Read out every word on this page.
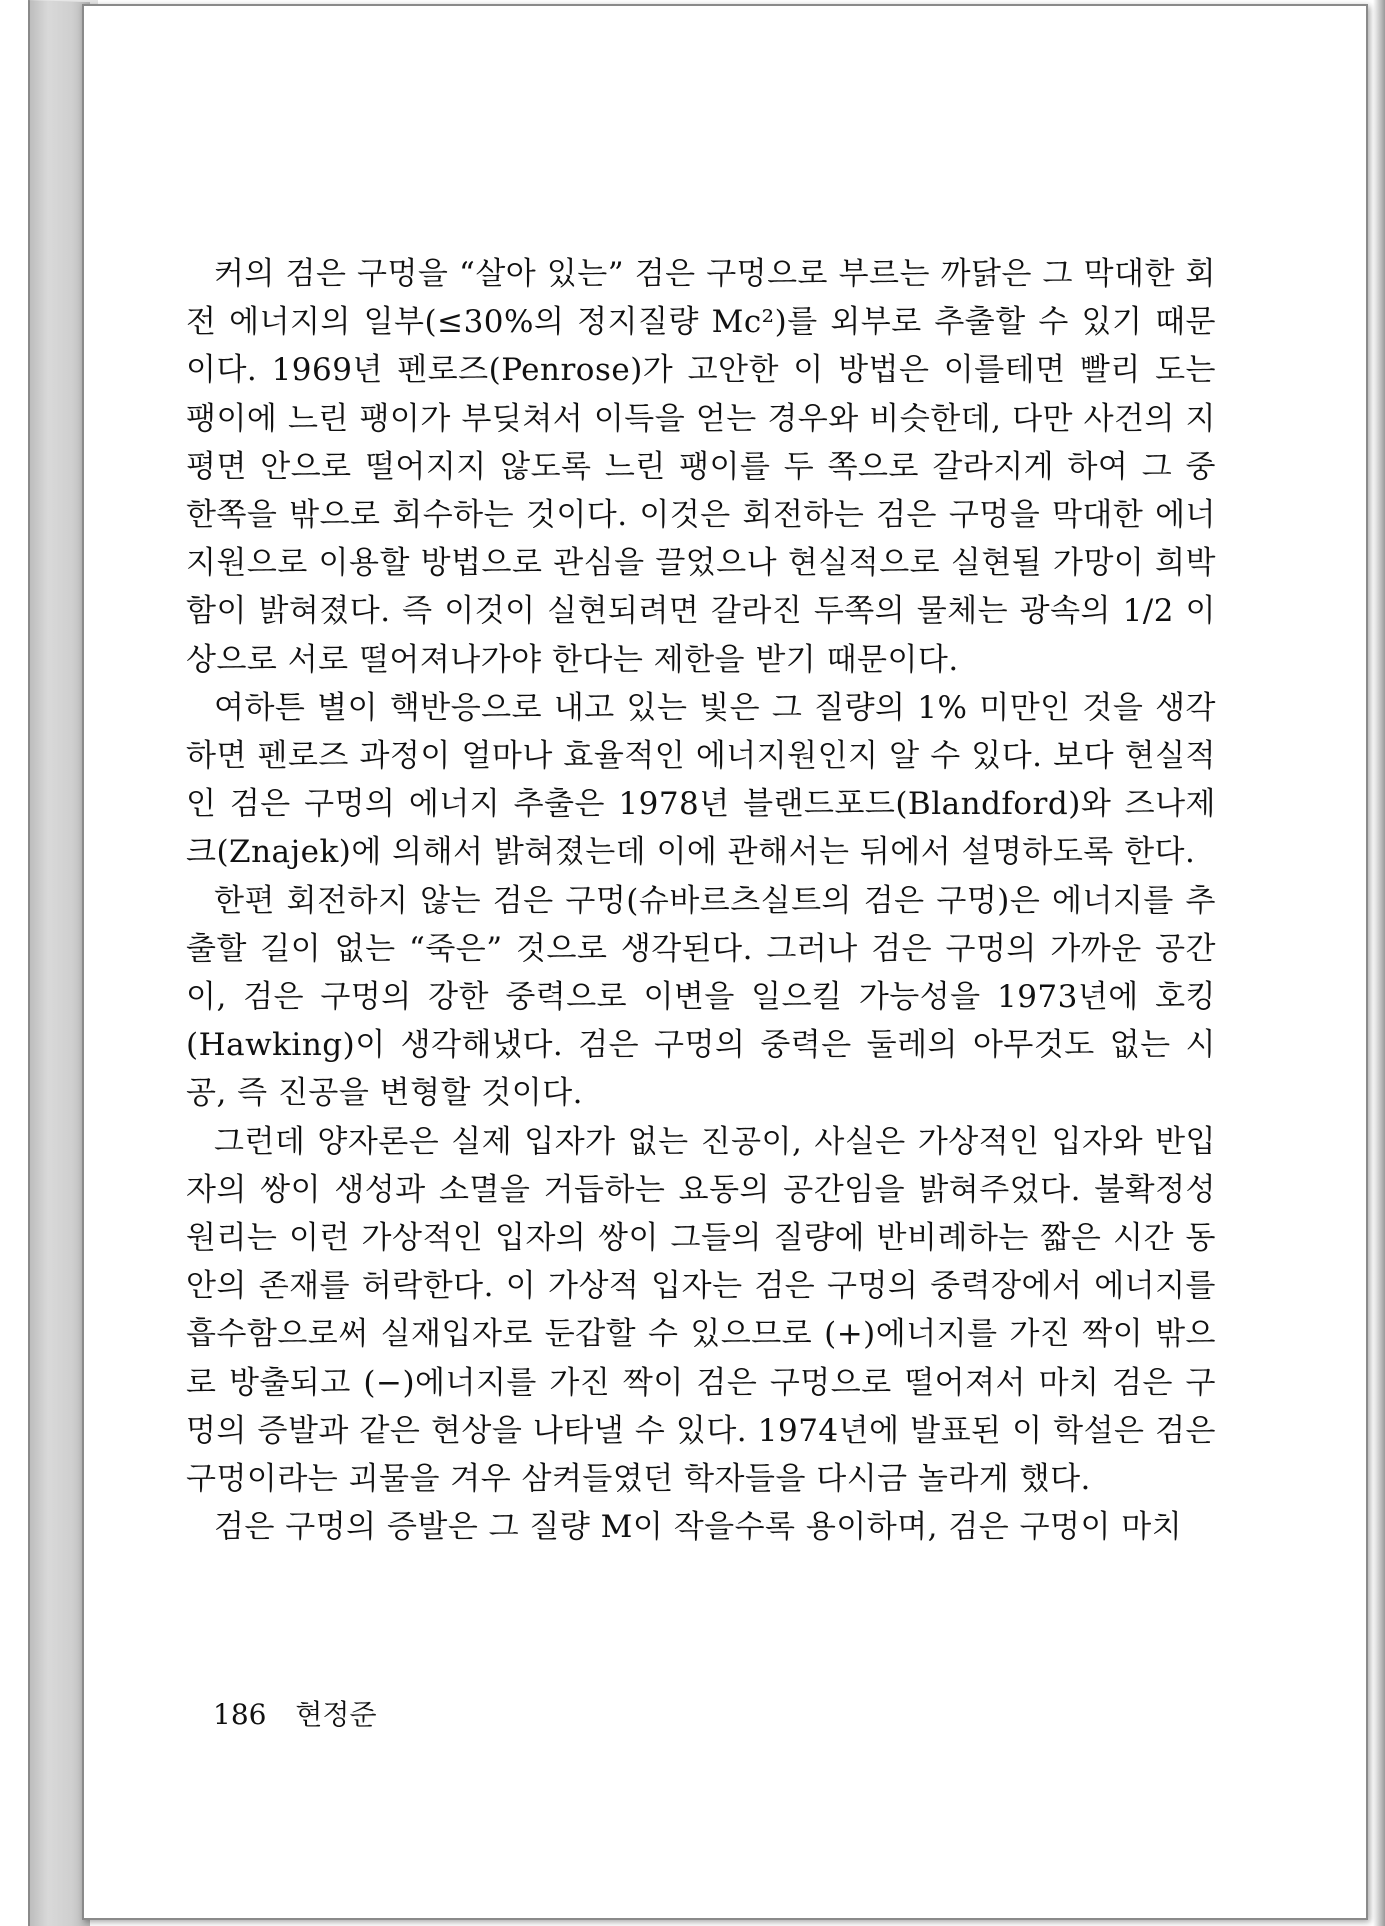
커의 검은 구멍을 “살아 있는” 검은 구멍으로 부르는 까닭은 그 막대한 회전 에너지의 일부(≤30%의 정지질량 Mc²)를 외부로 추출할 수 있기 때문이다. 1969년 펜로즈(Penrose)가 고안한 이 방법은 이를테면 빨리 도는 팽이에 느린 팽이가 부딪쳐서 이득을 얻는 경우와 비슷한데, 다만 사건의 지평면 안으로 떨어지지 않도록 느린 팽이를 두 쪽으로 갈라지게 하여 그 중 한쪽을 밖으로 회수하는 것이다. 이것은 회전하는 검은 구멍을 막대한 에너지원으로 이용할 방법으로 관심을 끌었으나 현실적으로 실현될 가망이 희박함이 밝혀졌다. 즉 이것이 실현되려면 갈라진 두쪽의 물체는 광속의 1/2 이상으로 서로 떨어져나가야 한다는 제한을 받기 때문이다.

여하튼 별이 핵반응으로 내고 있는 빛은 그 질량의 1% 미만인 것을 생각하면 펜로즈 과정이 얼마나 효율적인 에너지원인지 알 수 있다. 보다 현실적인 검은 구멍의 에너지 추출은 1978년 블랜드포드(Blandford)와 즈나제크(Znajek)에 의해서 밝혀졌는데 이에 관해서는 뒤에서 설명하도록 한다.

한편 회전하지 않는 검은 구멍(슈바르츠실트의 검은 구멍)은 에너지를 추출할 길이 없는 “죽은” 것으로 생각된다. 그러나 검은 구멍의 가까운 공간이, 검은 구멍의 강한 중력으로 이변을 일으킬 가능성을 1973년에 호킹(Hawking)이 생각해냈다. 검은 구멍의 중력은 둘레의 아무것도 없는 시공, 즉 진공을 변형할 것이다.

그런데 양자론은 실제 입자가 없는 진공이, 사실은 가상적인 입자와 반입자의 쌍이 생성과 소멸을 거듭하는 요동의 공간임을 밝혀주었다. 불확정성 원리는 이런 가상적인 입자의 쌍이 그들의 질량에 반비례하는 짧은 시간 동안의 존재를 허락한다. 이 가상적 입자는 검은 구멍의 중력장에서 에너지를 흡수함으로써 실재입자로 둔갑할 수 있으므로 (+)에너지를 가진 짝이 밖으로 방출되고 (−)에너지를 가진 짝이 검은 구멍으로 떨어져서 마치 검은 구멍의 증발과 같은 현상을 나타낼 수 있다. 1974년에 발표된 이 학설은 검은 구멍이라는 괴물을 겨우 삼켜들였던 학자들을 다시금 놀라게 했다.

검은 구멍의 증발은 그 질량 M이 작을수록 용이하며, 검은 구멍이 마치

186 현정준
